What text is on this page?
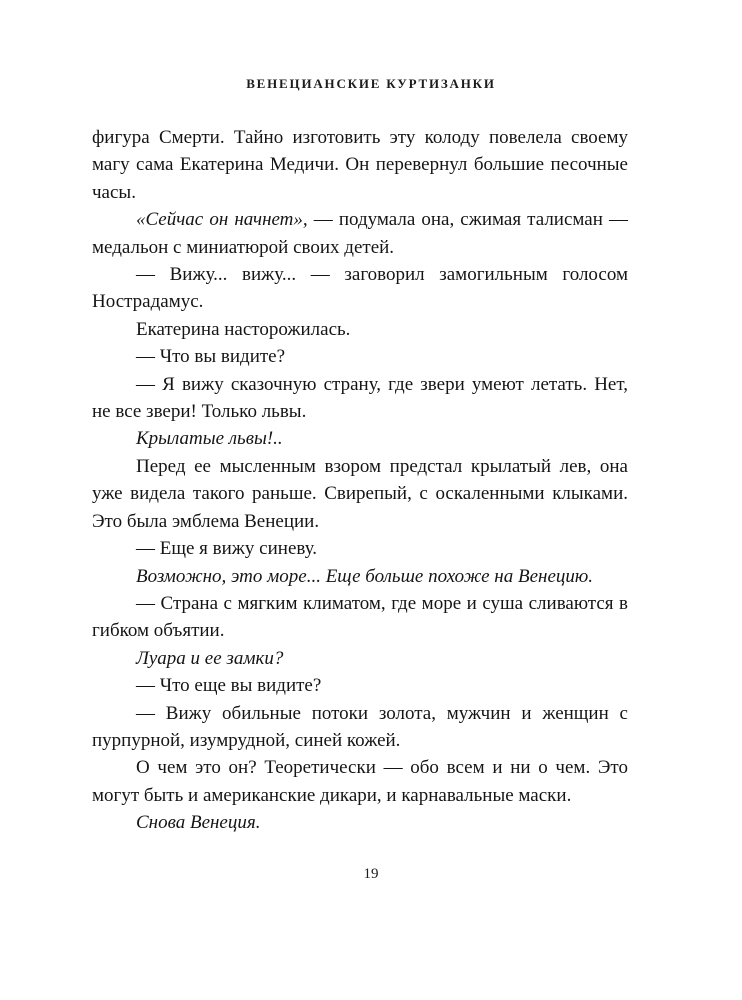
ВЕНЕЦИАНСКИЕ КУРТИЗАНКИ

фигура Смерти. Тайно изготовить эту колоду повелела своему магу сама Екатерина Медичи. Он перевернул большие песочные часы.

«Сейчас он начнет», — подумала она, сжимая талисман — медальон с миниатюрой своих детей.

— Вижу... вижу... — заговорил замогильным голосом Нострадамус.

Екатерина насторожилась.

— Что вы видите?

— Я вижу сказочную страну, где звери умеют летать. Нет, не все звери! Только львы.

Крылатые львы!..

Перед ее мысленным взором предстал крылатый лев, она уже видела такого раньше. Свирепый, с оскаленными клыками. Это была эмблема Венеции.

— Еще я вижу синеву.

Возможно, это море... Еще больше похоже на Венецию.

— Страна с мягким климатом, где море и суша сливаются в гибком объятии.

Луара и ее замки?

— Что еще вы видите?

— Вижу обильные потоки золота, мужчин и женщин с пурпурной, изумрудной, синей кожей.

О чем это он? Теоретически — обо всем и ни о чем. Это могут быть и американские дикари, и карнавальные маски.

Снова Венеция.

19
